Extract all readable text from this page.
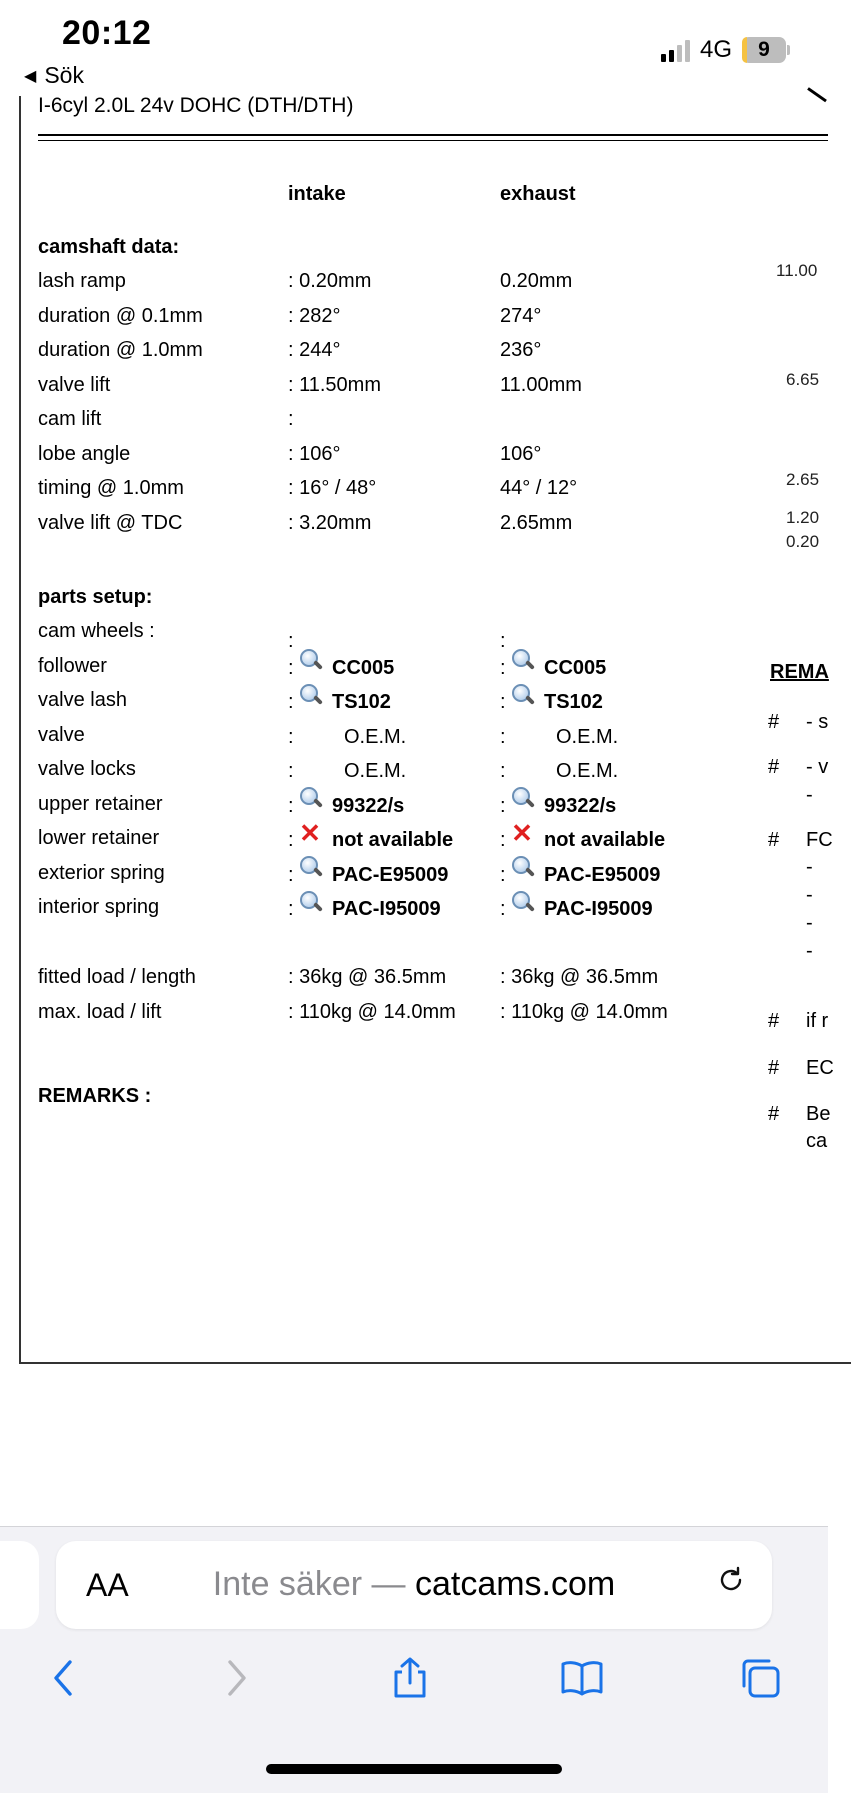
20:12
◀ Sök
4G 9
I-6cyl 2.0L 24v DOHC (DTH/DTH)
intake	exhaust
camshaft data:
lash ramp	: 0.20mm	0.20mm
duration @ 0.1mm	: 282°	274°
duration @ 1.0mm	: 244°	236°
valve lift	: 11.50mm	11.00mm
cam lift	:
lobe angle	: 106°	106°
timing @ 1.0mm	: 16° / 48°	44° / 12°
valve lift @ TDC	: 3.20mm	2.65mm
parts setup:
cam wheels :	:	:
follower	: CC005	: CC005
valve lash	: TS102	: TS102
valve	:	O.E.M.	:	O.E.M.
valve locks	:	O.E.M.	:	O.E.M.
upper retainer	: 99322/s	: 99322/s
lower retainer	: ✕ not available : ✕ not available
exterior spring	: PAC-E95009	: PAC-E95009
interior spring	: PAC-I95009	: PAC-I95009
fitted load / length	: 36kg @ 36.5mm	: 36kg @ 36.5mm
max. load / lift	: 110kg @ 14.0mm : 110kg @ 14.0mm
REMARKS :
11.00
6.65
2.65
1.20
0.20
REMA
# - s
# - v
-
# FC
-
-
-
-
# if r
# EC
# Be
ca
AA	Inte säker — catcams.com
